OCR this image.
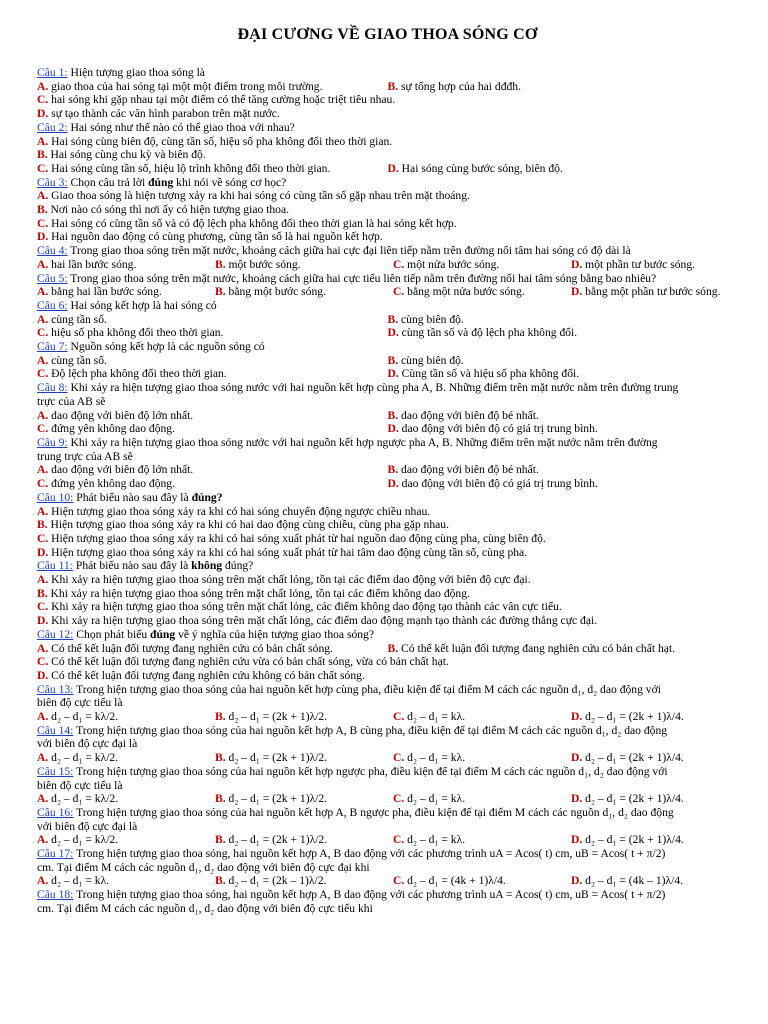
ĐẠI CƯƠNG VỀ GIAO THOA SÓNG CƠ
Câu 1: Hiện tượng giao thoa sóng là
A. giao thoa của hai sóng tại một một điểm trong môi trường.	B. sự tổng hợp của hai dđđh.
C. hai sóng khi gặp nhau tại một điểm có thể tăng cường hoặc triệt tiêu nhau.
D. sự tạo thành các vân hình parabon trên mặt nước.
Câu 2: Hai sóng như thế nào có thể giao thoa với nhau?
A. Hai sóng cùng biên độ, cùng tần số, hiệu số pha không đổi theo thời gian.
B. Hai sóng cùng chu kỳ và biên độ.
C. Hai sóng cùng tần số, hiệu lộ trình không đổi theo thời gian.	D. Hai sóng cùng bước sóng, biên độ.
Câu 3: Chọn câu trả lời đúng khi nói về sóng cơ học?
A. Giao thoa sóng là hiện tượng xảy ra khi hai sóng có cùng tần số gặp nhau trên mặt thoáng.
B. Nơi nào có sóng thì nơi ấy có hiện tượng giao thoa.
C. Hai sóng có cùng tần số và có độ lệch pha không đổi theo thời gian là hai sóng kết hợp.
D. Hai nguồn dao động có cùng phương, cùng tần số là hai nguồn kết hợp.
Câu 4: Trong giao thoa sóng trên mặt nước, khoảng cách giữa hai cực đại liên tiếp nằm trên đường nối tâm hai sóng có độ dài là
A. hai lần bước sóng.	B. một bước sóng.	C. một nửa bước sóng.	D. một phần tư bước sóng.
Câu 5: Trong giao thoa sóng trên mặt nước, khoảng cách giữa hai cực tiểu liên tiếp nằm trên đường nối hai tâm sóng bằng bao nhiêu?
A. bằng hai lần bước sóng.	B. bằng một bước sóng.	C. bằng một nửa bước sóng.	D. bằng một phần tư bước sóng.
Câu 6: Hai sóng kết hợp là hai sóng có
A. cùng tần số.	B. cùng biên độ.
C. hiệu số pha không đổi theo thời gian.	D. cùng tần số và độ lệch pha không đổi.
Câu 7: Nguồn sóng kết hợp là các nguồn sóng có
A. cùng tần số.	B. cùng biên độ.
C. Độ lệch pha không đổi theo thời gian.	D. Cùng tần số và hiệu số pha không đổi.
Câu 8: Khi xảy ra hiện tượng giao thoa sóng nước với hai nguồn kết hợp cùng pha A, B. Những điểm trên mặt nước nằm trên đường trung
trực của AB sẽ
A. dao động với biên độ lớn nhất.	B. dao động với biên độ bé nhất.
C. đứng yên không dao động.	D. dao động với biên độ có giá trị trung bình.
Câu 9: Khi xảy ra hiện tượng giao thoa sóng nước với hai nguồn kết hợp ngược pha A, B. Những điểm trên mặt nước nằm trên đường
trung trực của AB sẽ
A. dao động với biên độ lớn nhất.	B. dao động với biên độ bé nhất.
C. đứng yên không dao động.	D. dao động với biên độ có giá trị trung bình.
Câu 10: Phát biểu nào sau đây là đúng?
A. Hiện tượng giao thoa sóng xảy ra khi có hai sóng chuyển động ngược chiều nhau.
B. Hiện tượng giao thoa sóng xảy ra khi có hai dao động cùng chiều, cùng pha gặp nhau.
C. Hiện tượng giao thoa sóng xảy ra khi có hai sóng xuất phát từ hai nguồn dao động cùng pha, cùng biên độ.
D. Hiện tượng giao thoa sóng xảy ra khi có hai sóng xuất phát từ hai tâm dao động cùng tần số, cùng pha.
Câu 11: Phát biểu nào sau đây là không đúng?
A. Khi xảy ra hiện tượng giao thoa sóng trên mặt chất lỏng, tồn tại các điểm dao động với biên độ cực đại.
B. Khi xảy ra hiện tượng giao thoa sóng trên mặt chất lỏng, tồn tại các điểm không dao động.
C. Khi xảy ra hiện tượng giao thoa sóng trên mặt chất lỏng, các điểm không dao động tạo thành các vân cực tiểu.
D. Khi xảy ra hiện tượng giao thoa sóng trên mặt chất lỏng, các điểm dao động mạnh tạo thành các đường thẳng cực đại.
Câu 12: Chọn phát biểu đúng về ý nghĩa của hiện tượng giao thoa sóng?
A. Có thể kết luận đối tượng đang nghiên cứu có bản chất sóng.	B. Có thể kết luận đối tượng đang nghiên cứu có bản chất hạt.
C. Có thể kết luận đối tượng đang nghiên cứu vừa có bản chất sóng, vừa có bản chất hạt.
D. Có thể kết luận đối tượng đang nghiên cứu không có bản chất sóng.
Câu 13: Trong hiện tượng giao thoa sóng của hai nguồn kết hợp cùng pha, điều kiện để tại điểm M cách các nguồn d₁, d₂ dao động với
biên độ cực tiểu là
A. d₂ – d₁ = kλ/2.	B. d₂ – d₁ = (2k + 1)λ/2.	C. d₂ – d₁ = kλ.	D. d₂ – d₁ = (2k + 1)λ/4.
Câu 14: Trong hiện tượng giao thoa sóng của hai nguồn kết hợp A, B cùng pha, điều kiện để tại điểm M cách các nguồn d₁, d₂ dao động
với biên độ cực đại là
A. d₂ – d₁ = kλ/2.	B. d₂ – d₁ = (2k + 1)λ/2.	C. d₂ – d₁ = kλ.	D. d₂ – d₁ = (2k + 1)λ/4.
Câu 15: Trong hiện tượng giao thoa sóng của hai nguồn kết hợp ngược pha, điều kiện để tại điểm M cách các nguồn d₁, d₂ dao động với
biên độ cực tiểu là
A. d₂ – d₁ = kλ/2.	B. d₂ – d₁ = (2k + 1)λ/2.	C. d₂ – d₁ = kλ.	D. d₂ – d₁ = (2k + 1)λ/4.
Câu 16: Trong hiện tượng giao thoa sóng của hai nguồn kết hợp A, B ngược pha, điều kiện để tại điểm M cách các nguồn d₁, d₂ dao động
với biên độ cực đại là
A. d₂ – d₁ = kλ/2.	B. d₂ – d₁ = (2k + 1)λ/2.	C. d₂ – d₁ = kλ.	D. d₂ – d₁ = (2k + 1)λ/4.
Câu 17: Trong hiện tượng giao thoa sóng, hai nguồn kết hợp A, B dao động với các phương trình uA = Acos( t) cm, uB = Acos( t + π/2)
cm. Tại điểm M cách các nguồn d₁, d₂ dao động với biên độ cực đại khi
A. d₂ – d₁ = kλ.	B. d₂ – d₁ = (2k – 1)λ/2.	C. d₂ – d₁ = (4k + 1)λ/4.	D. d₂ – d₁ = (4k – 1)λ/4.
Câu 18: Trong hiện tượng giao thoa sóng, hai nguồn kết hợp A, B dao động với các phương trình uA = Acos( t) cm, uB = Acos( t + π/2)
cm. Tại điểm M cách các nguồn d₁, d₂ dao động với biên độ cực tiểu khi
